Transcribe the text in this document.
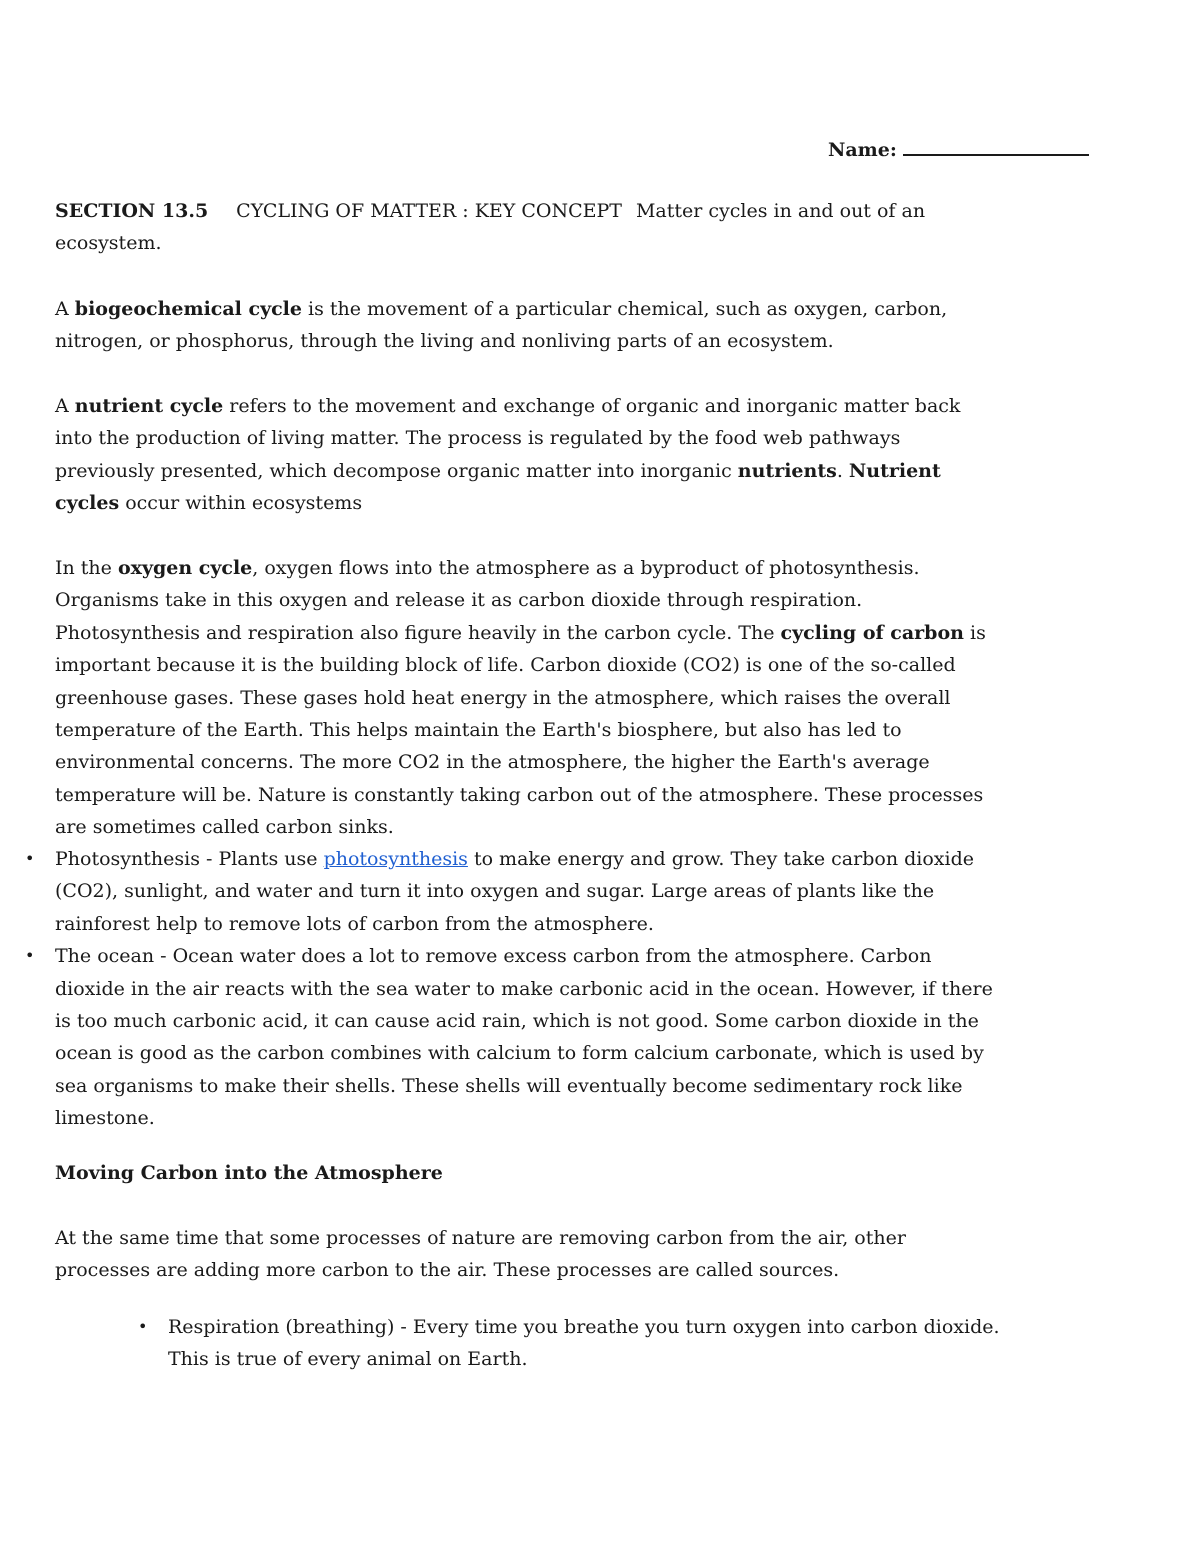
Name:

SECTION 13.5 CYCLING OF MATTER : KEY CONCEPT Matter cycles in and out of an
ecosystem.

A biogeochemical cycle is the movement of a particular chemical, such as oxygen, carbon,
nitrogen, or phosphorus, through the living and nonliving parts of an ecosystem.

A nutrient cycle refers to the movement and exchange of organic and inorganic matter back
into the production of living matter. The process is regulated by the food web pathways
previously presented, which decompose organic matter into inorganic nutrients. Nutrient
cycles occur within ecosystems

In the oxygen cycle, oxygen flows into the atmosphere as a byproduct of photosynthesis.
Organisms take in this oxygen and release it as carbon dioxide through respiration.
Photosynthesis and respiration also figure heavily in the carbon cycle. The cycling of carbon is
important because it is the building block of life. Carbon dioxide (CO2) is one of the so-called
greenhouse gases. These gases hold heat energy in the atmosphere, which raises the overall
temperature of the Earth. This helps maintain the Earth's biosphere, but also has led to
environmental concerns. The more CO2 in the atmosphere, the higher the Earth's average
temperature will be. Nature is constantly taking carbon out of the atmosphere. These processes
are sometimes called carbon sinks.

• Photosynthesis - Plants use photosynthesis to make energy and grow. They take carbon dioxide
(CO2), sunlight, and water and turn it into oxygen and sugar. Large areas of plants like the
rainforest help to remove lots of carbon from the atmosphere.
• The ocean - Ocean water does a lot to remove excess carbon from the atmosphere. Carbon
dioxide in the air reacts with the sea water to make carbonic acid in the ocean. However, if there
is too much carbonic acid, it can cause acid rain, which is not good. Some carbon dioxide in the
ocean is good as the carbon combines with calcium to form calcium carbonate, which is used by
sea organisms to make their shells. These shells will eventually become sedimentary rock like
limestone.

Moving Carbon into the Atmosphere

At the same time that some processes of nature are removing carbon from the air, other
processes are adding more carbon to the air. These processes are called sources.

• Respiration (breathing) - Every time you breathe you turn oxygen into carbon dioxide.
This is true of every animal on Earth.
